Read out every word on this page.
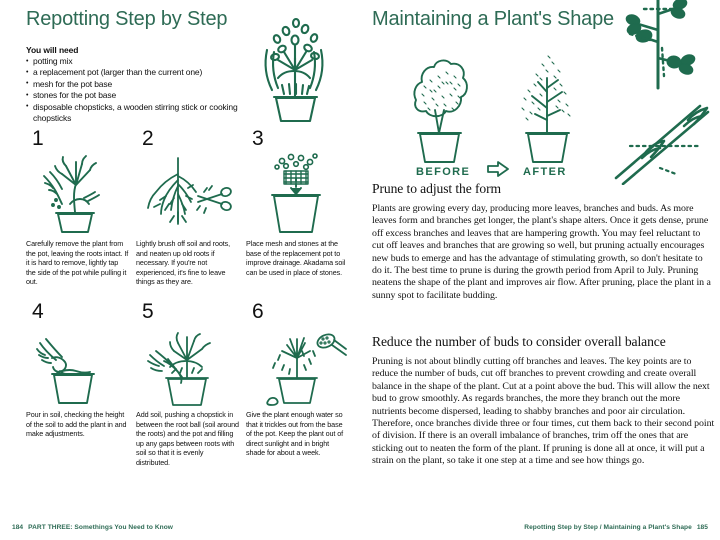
Repotting Step by Step
You will need
• potting mix
• a replacement pot (larger than the current one)
• mesh for the pot base
• stones for the pot base
• disposable chopsticks, a wooden stirring stick or cooking chopsticks
1
Carefully remove the plant from the pot, leaving the roots intact. If it is hard to remove, lightly tap the side of the pot while pulling it out.
2
Lightly brush off soil and roots, and neaten up old roots if necessary. If you're not experienced, it's fine to leave things as they are.
3
Place mesh and stones at the base of the replacement pot to improve drainage. Akadama soil can be used in place of stones.
4
Pour in soil, checking the height of the soil to add the plant in and make adjustments.
5
Add soil, pushing a chopstick in between the root ball (soil around the roots) and the pot and filling up any gaps between roots with soil so that it is evenly distributed.
6
Give the plant enough water so that it trickles out from the base of the pot. Keep the plant out of direct sunlight and in bright shade for about a week.
184 PART THREE: Somethings You Need to Know
Maintaining a Plant's Shape
BEFORE	AFTER
Prune to adjust the form
Plants are growing every day, producing more leaves, branches and buds. As more leaves form and branches get longer, the plant's shape alters. Once it gets dense, prune off excess branches and leaves that are hampering growth. You may feel reluctant to cut off leaves and branches that are growing so well, but pruning actually encourages new buds to emerge and has the advantage of stimulating growth, so don't hesitate to do it. The best time to prune is during the growth period from April to July. Pruning neatens the shape of the plant and improves air flow. After pruning, place the plant in a sunny spot to facilitate budding.
Reduce the number of buds to consider overall balance
Pruning is not about blindly cutting off branches and leaves. The key points are to reduce the number of buds, cut off branches to prevent crowding and create overall balance in the shape of the plant. Cut at a point above the bud. This will allow the next bud to grow smoothly. As regards branches, the more they branch out the more nutrients become dispersed, leading to shabby branches and poor air circulation. Therefore, once branches divide three or four times, cut them back to their second point of division. If there is an overall imbalance of branches, trim off the ones that are sticking out to neaten the form of the plant. If pruning is done all at once, it will put a strain on the plant, so take it one step at a time and see how things go.
Repotting Step by Step / Maintaining a Plant's Shape 185
